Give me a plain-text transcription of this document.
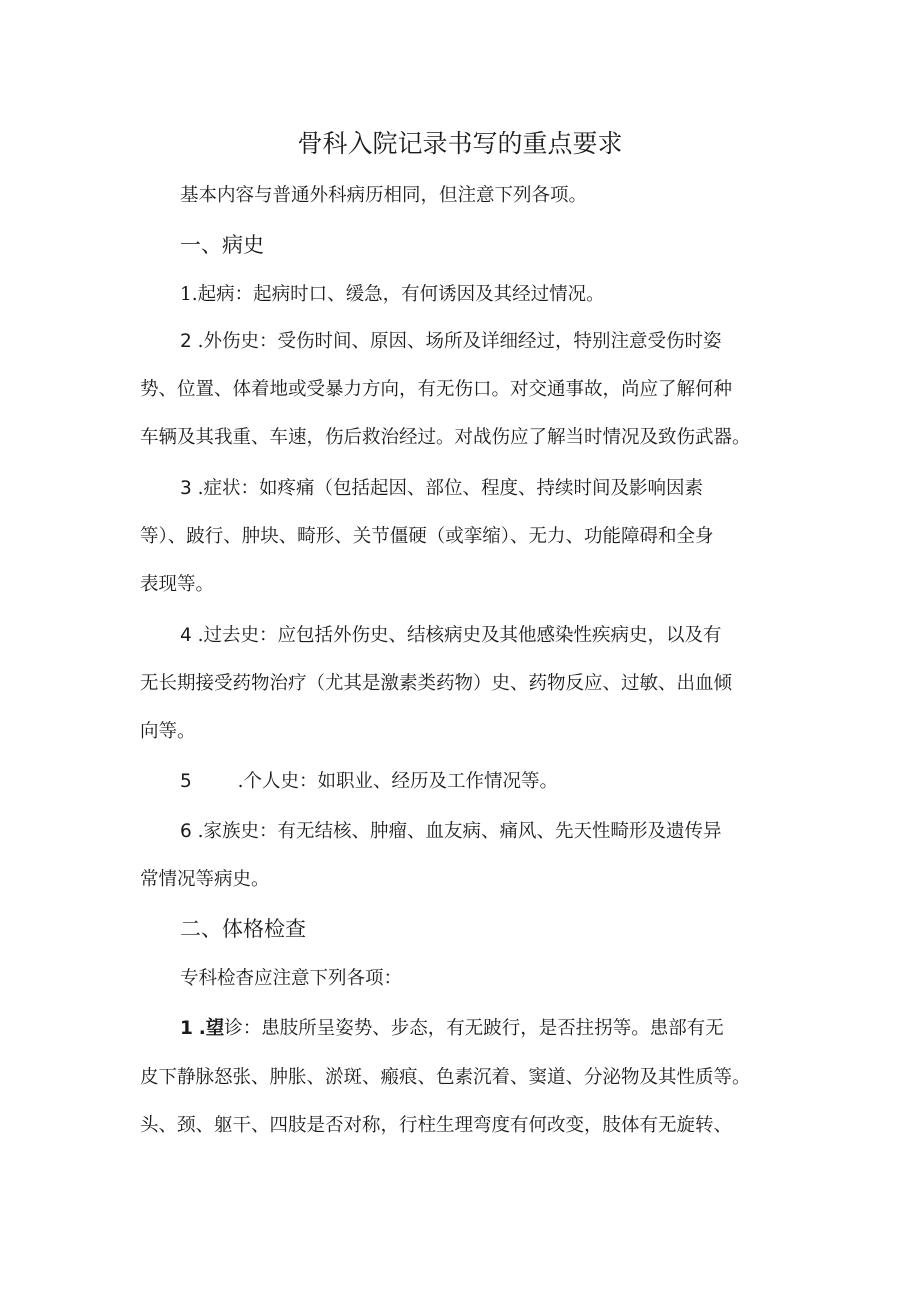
骨科入院记录书写的重点要求
基本内容与普通外科病历相同，但注意下列各项。
一、病史
1.起病：起病时口、缓急，有何诱因及其经过情况。
2 .外伤史：受伤时间、原因、场所及详细经过，特别注意受伤时姿
势、位置、体着地或受暴力方向，有无伤口。对交通事故，尚应了解何种
车辆及其我重、车速，伤后救治经过。对战伤应了解当时情况及致伤武器。
3 .症状：如疼痛（包括起因、部位、程度、持续时间及影响因素
等）、跛行、肿块、畸形、关节僵硬（或挛缩）、无力、功能障碍和全身
表现等。
4 .过去史：应包括外伤史、结核病史及其他感染性疾病史，以及有
无长期接受药物治疗（尤其是激素类药物）史、药物反应、过敏、出血倾
向等。
5 .个人史：如职业、经历及工作情况等。
6 .家族史：有无结核、肿瘤、血友病、痛风、先天性畸形及遗传异
常情况等病史。
二、体格检查
专科检杳应注意下列各项：
1 .望诊：患肢所呈姿势、步态，有无跛行，是否拄拐等。患部有无
皮下静脉怒张、肿胀、淤斑、瘢痕、色素沉着、窦道、分泌物及其性质等。
头、颈、躯干、四肢是否对称，行柱生理弯度有何改变，肢体有无旋转、
